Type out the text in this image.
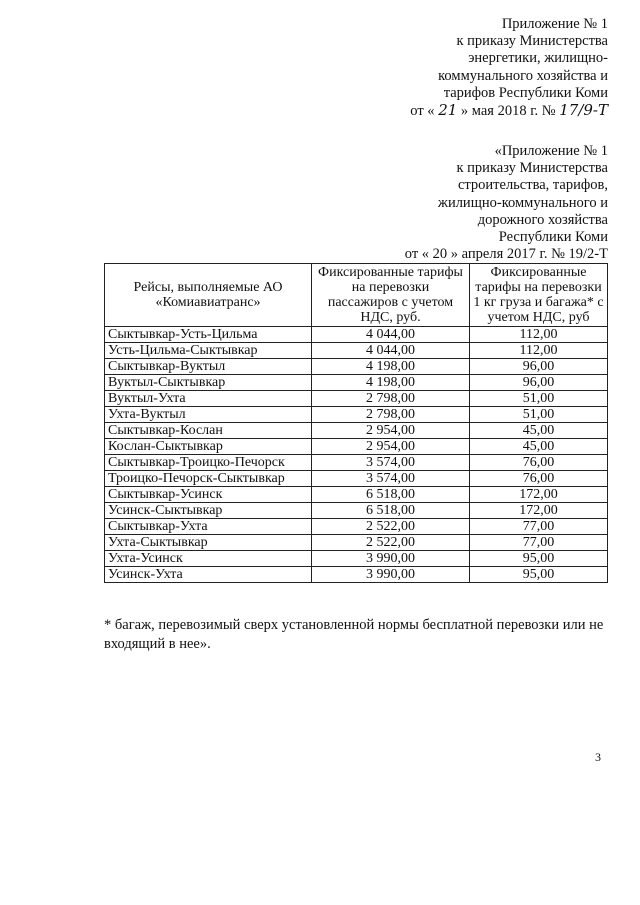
Приложение № 1
к приказу Министерства
энергетики, жилищно-
коммунального хозяйства и
тарифов Республики Коми
от « 21 » мая 2018 г. № 17/9-Т
«Приложение № 1
к приказу Министерства
строительства, тарифов,
жилищно-коммунального и
дорожного хозяйства
Республики Коми
от « 20 » апреля 2017 г. № 19/2-Т
Рейсы, выполняемые АО «Комиавиатранс»	Фиксированные тарифы на перевозки пассажиров с учетом НДС, руб.	Фиксированные тарифы на перевозки 1 кг груза и багажа* с учетом НДС, руб
Сыктывкар-Усть-Цильма	4 044,00	112,00
Усть-Цильма-Сыктывкар	4 044,00	112,00
Сыктывкар-Вуктыл	4 198,00	96,00
Вуктыл-Сыктывкар	4 198,00	96,00
Вуктыл-Ухта	2 798,00	51,00
Ухта-Вуктыл	2 798,00	51,00
Сыктывкар-Кослан	2 954,00	45,00
Кослан-Сыктывкар	2 954,00	45,00
Сыктывкар-Троицко-Печорск	3 574,00	76,00
Троицко-Печорск-Сыктывкар	3 574,00	76,00
Сыктывкар-Усинск	6 518,00	172,00
Усинск-Сыктывкар	6 518,00	172,00
Сыктывкар-Ухта	2 522,00	77,00
Ухта-Сыктывкар	2 522,00	77,00
Ухта-Усинск	3 990,00	95,00
Усинск-Ухта	3 990,00	95,00
* багаж, перевозимый сверх установленной нормы бесплатной перевозки или не входящий в нее».
3
